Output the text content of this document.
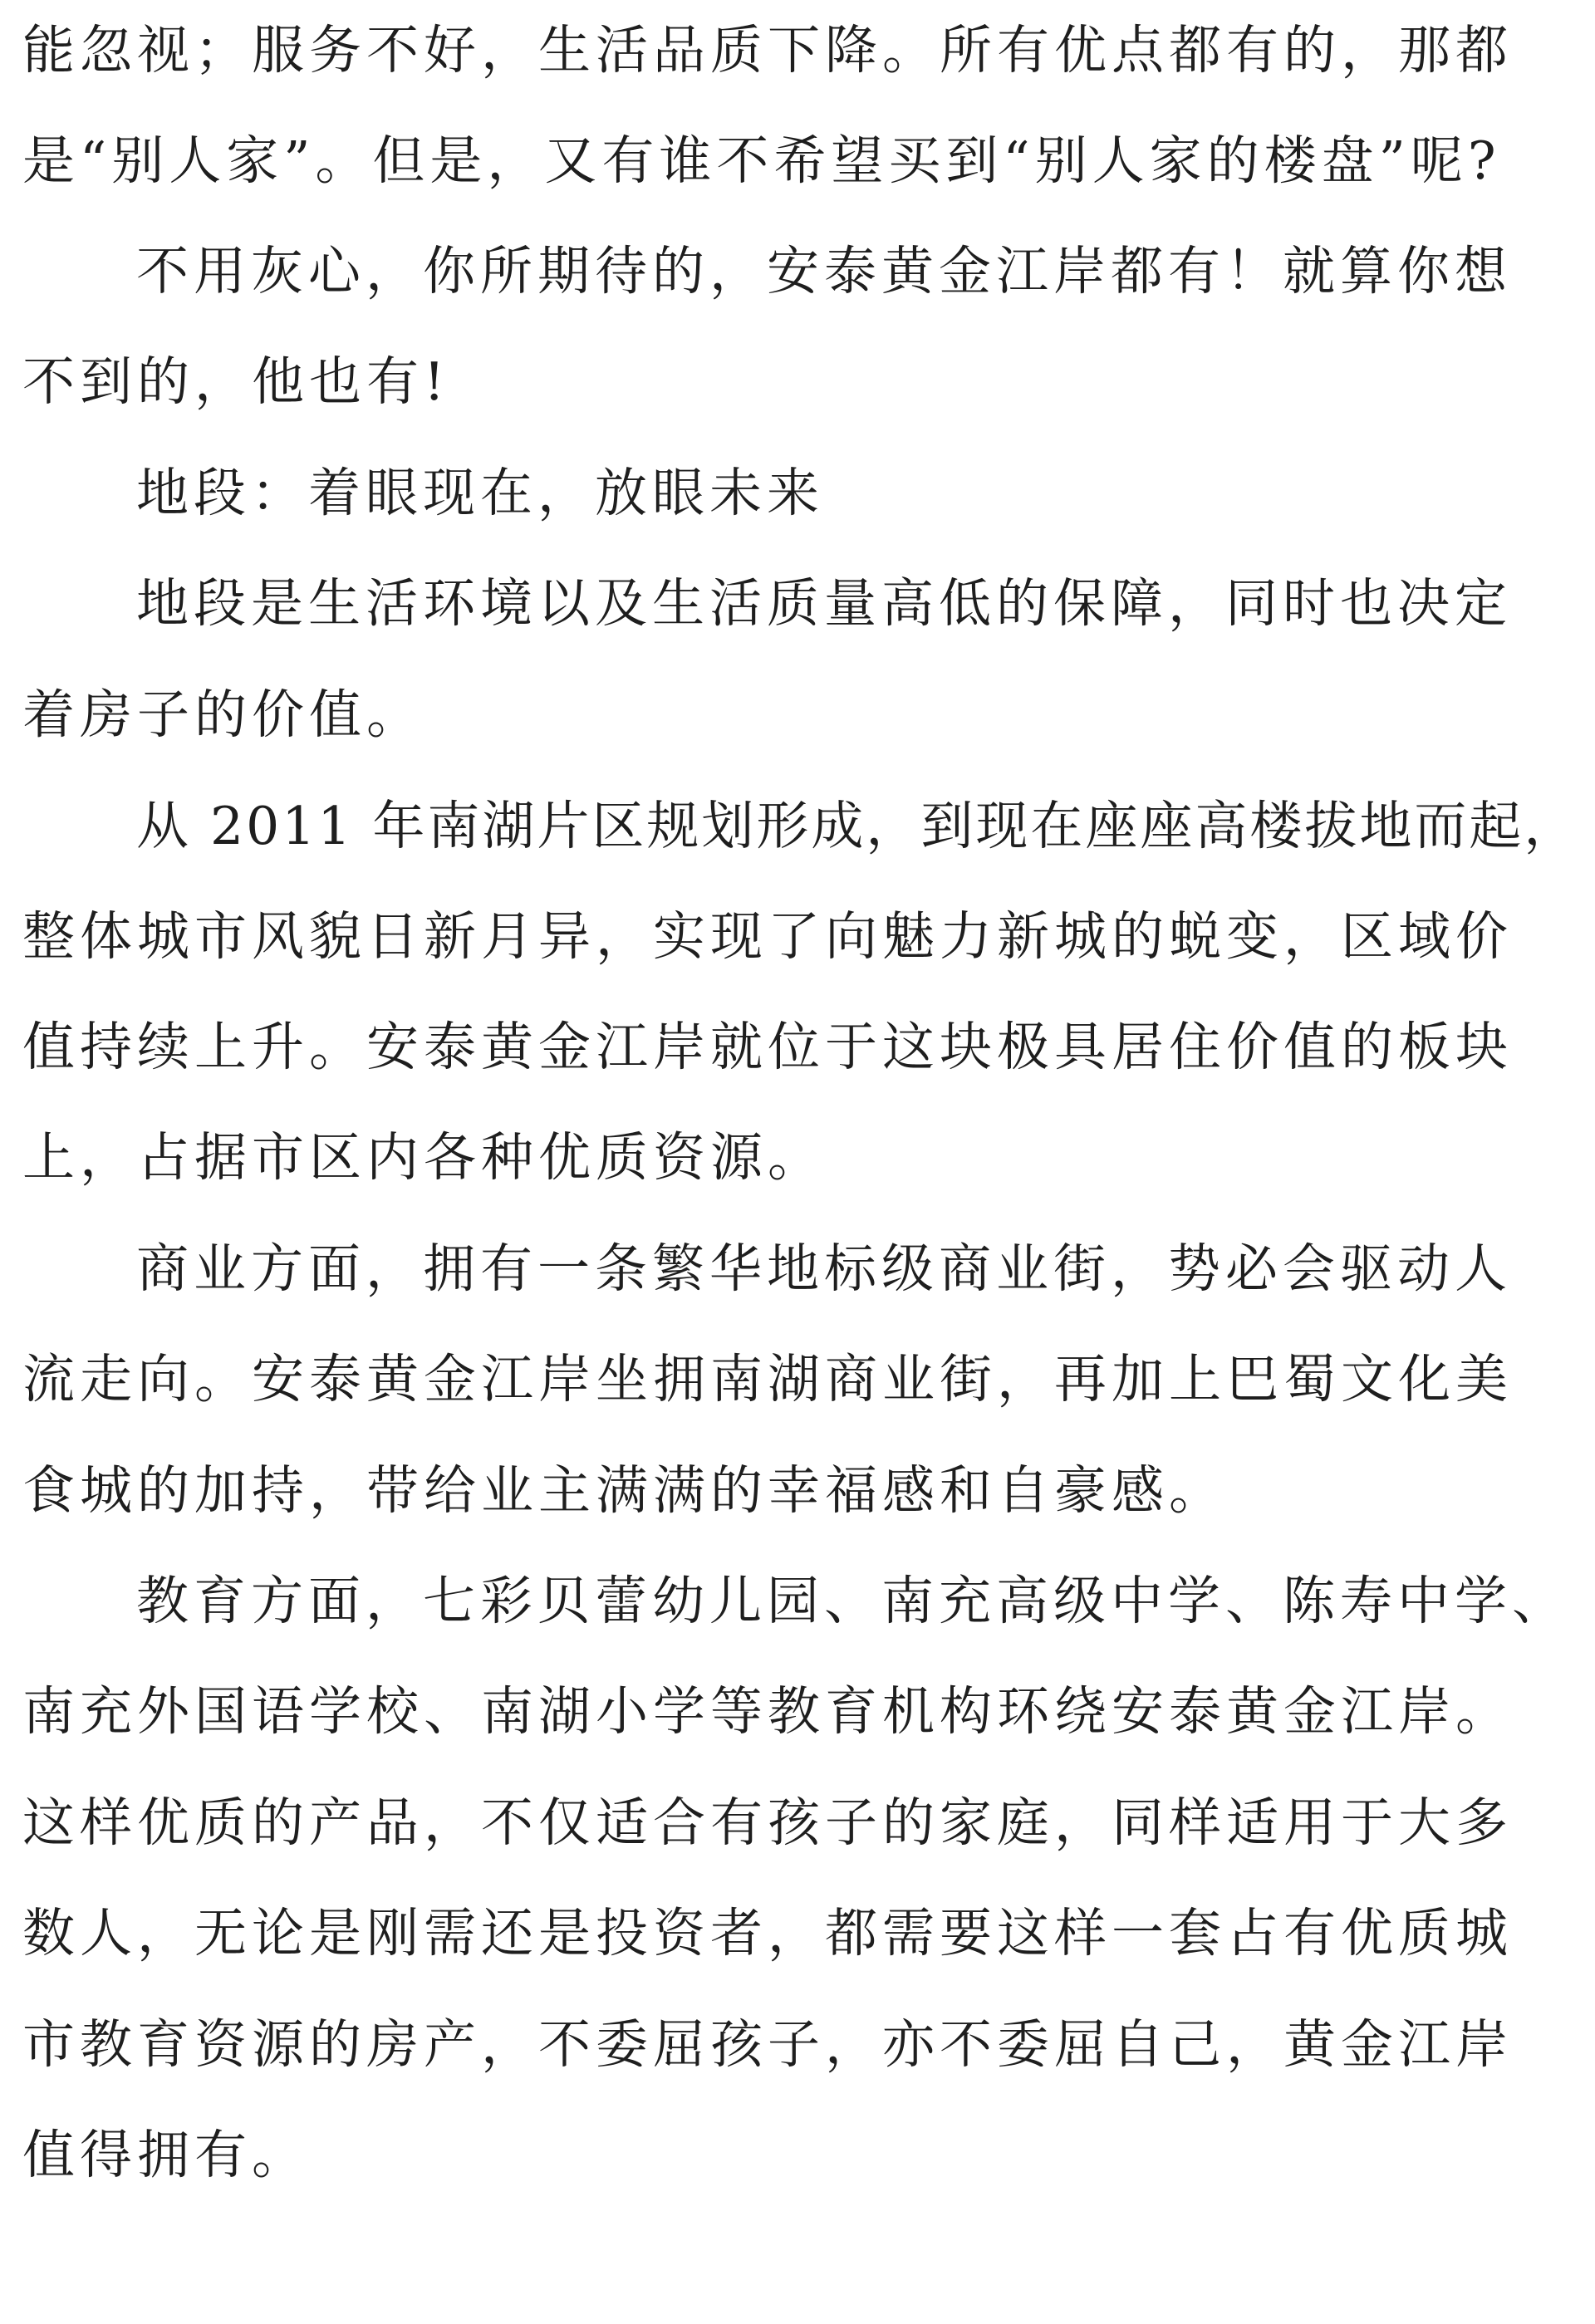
能忽视；服务不好，生活品质下降。所有优点都有的，那都
是“别人家”。但是，又有谁不希望买到“别人家的楼盘”呢?
不用灰心，你所期待的，安泰黄金江岸都有！就算你想
不到的，他也有!
地段：着眼现在，放眼未来
地段是生活环境以及生活质量高低的保障，同时也决定
着房子的价值。
从 2011 年南湖片区规划形成，到现在座座高楼拔地而起，
整体城市风貌日新月异，实现了向魅力新城的蜕变，区域价
值持续上升。安泰黄金江岸就位于这块极具居住价值的板块
上，占据市区内各种优质资源。
商业方面，拥有一条繁华地标级商业街，势必会驱动人
流走向。安泰黄金江岸坐拥南湖商业街，再加上巴蜀文化美
食城的加持，带给业主满满的幸福感和自豪感。
教育方面，七彩贝蕾幼儿园、南充高级中学、陈寿中学、
南充外国语学校、南湖小学等教育机构环绕安泰黄金江岸。
这样优质的产品，不仅适合有孩子的家庭，同样适用于大多
数人，无论是刚需还是投资者，都需要这样一套占有优质城
市教育资源的房产，不委屈孩子，亦不委屈自己，黄金江岸
值得拥有。
